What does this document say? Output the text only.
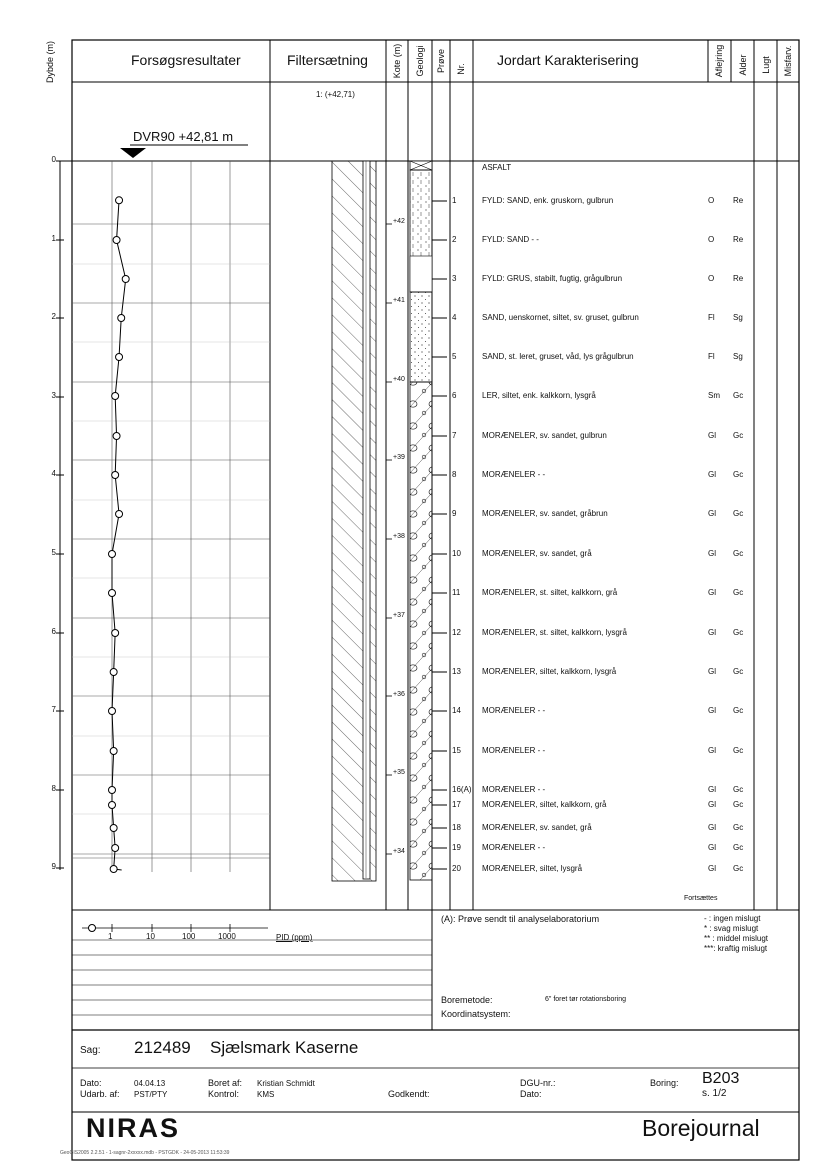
Dybde (m)	Forsøgsresultater	Filtersætning	Kote (m) Geologi Prøve Nr.
Jordart Karakterisering	Aflejring Alder Lugt Misfarv.
1: (+42,71)
DVR90 +42,81 m
0
1
2
3
4
5
6
7
8
9
+42
+41
+40
+39
+38
+37
+36
+35
+34
ASFALT
1	FYLD: SAND, enk. gruskorn, gulbrun	O Re
2	FYLD: SAND - -	O Re
3	FYLD: GRUS, stabilt, fugtig, grågulbrun	O Re
4	SAND, uenskornet, siltet, sv. gruset, gulbrun	Fl Sg
5	SAND, st. leret, gruset, våd, lys grågulbrun	Fl Sg
6	LER, siltet, enk. kalkkorn, lysgrå	Sm Gc
7	MORÆNELER, sv. sandet, gulbrun	Gl Gc
8	MORÆNELER - -	Gl Gc
9	MORÆNELER, sv. sandet, gråbrun	Gl Gc
10	MORÆNELER, sv. sandet, grå	Gl Gc
11	MORÆNELER, st. siltet, kalkkorn, grå	Gl Gc
12	MORÆNELER, st. siltet, kalkkorn, lysgrå	Gl Gc
13	MORÆNELER, siltet, kalkkorn, lysgrå	Gl Gc
14	MORÆNELER - -	Gl Gc
15	MORÆNELER - -	Gl Gc
16(A) MORÆNELER - -	Gl Gc
17	MORÆNELER, siltet, kalkkorn, grå	Gl Gc
18	MORÆNELER, sv. sandet, grå	Gl Gc
19	MORÆNELER - -	Gl Gc
20	MORÆNELER, siltet, lysgrå	Gl Gc
Fortsættes
1	10	100	1000	PID (ppm)
(A): Prøve sendt til analyselaboratorium	- : ingen mislugt
* : svag mislugt
** : middel mislugt
***: kraftig mislugt
Boremetode:	6" foret tør rotationsboring
Koordinatsystem:
Sag: 212489 Sjælsmark Kaserne
Dato:	04.04.13
Udarb. af: PST/PTY
Boret af: Kristian Schmidt
Kontrol: KMS	Godkendt:
DGU-nr.:
Dato:
Boring: B203
s. 1/2
NIRAS	Borejournal
GeoGIS2005 2.2.51 - 1-sagnr-2xxxxx.mdb - PSTGDK - 24-05-2013 11:53:39
